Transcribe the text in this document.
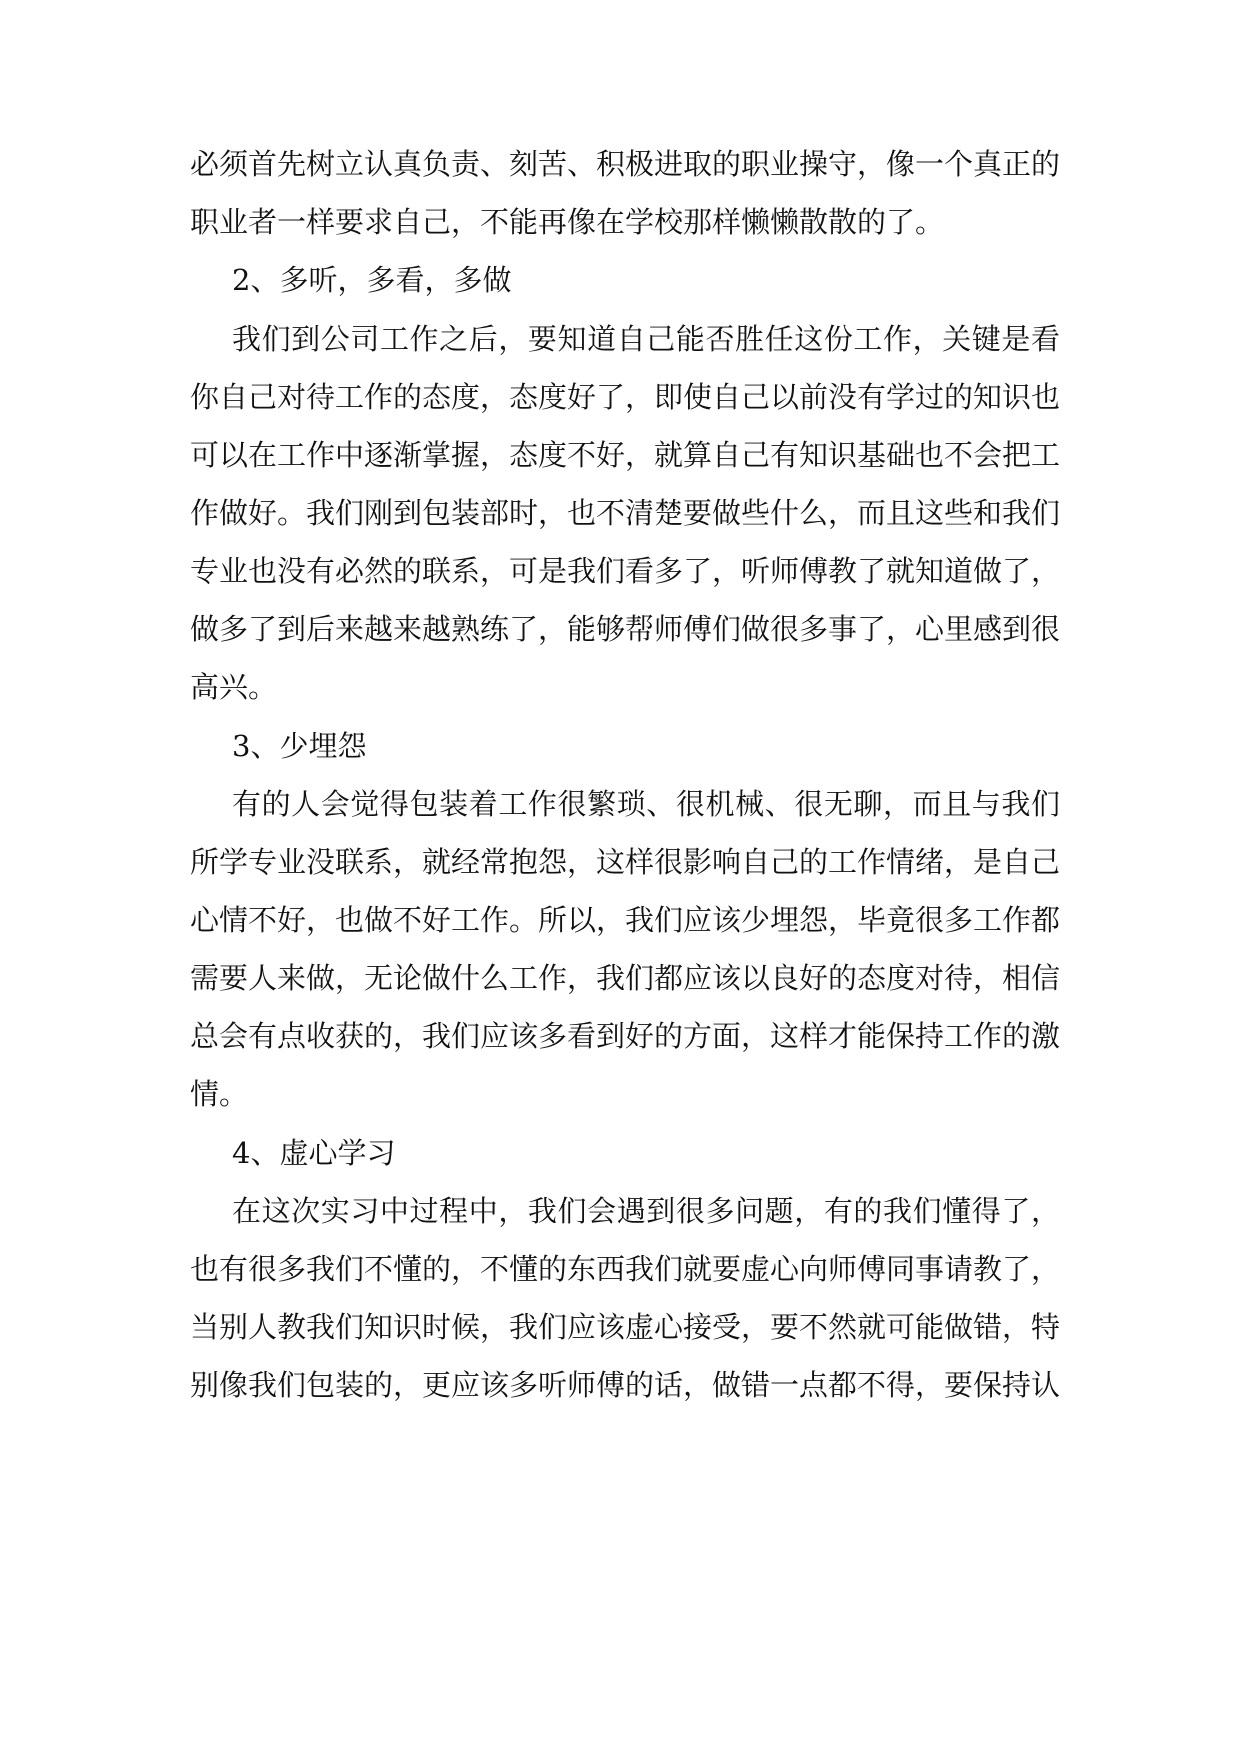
必须首先树立认真负责、刻苦、积极进取的职业操守，像一个真正的
职业者一样要求自己，不能再像在学校那样懒懒散散的了。
2、多听，多看，多做
我们到公司工作之后，要知道自己能否胜任这份工作，关键是看
你自己对待工作的态度，态度好了，即使自己以前没有学过的知识也
可以在工作中逐渐掌握，态度不好，就算自己有知识基础也不会把工
作做好。我们刚到包装部时，也不清楚要做些什么，而且这些和我们
专业也没有必然的联系，可是我们看多了，听师傅教了就知道做了，
做多了到后来越来越熟练了，能够帮师傅们做很多事了，心里感到很
高兴。
3、少埋怨
有的人会觉得包装着工作很繁琐、很机械、很无聊，而且与我们
所学专业没联系，就经常抱怨，这样很影响自己的工作情绪，是自己
心情不好，也做不好工作。所以，我们应该少埋怨，毕竟很多工作都
需要人来做，无论做什么工作，我们都应该以良好的态度对待，相信
总会有点收获的，我们应该多看到好的方面，这样才能保持工作的激
情。
4、虚心学习
在这次实习中过程中，我们会遇到很多问题，有的我们懂得了，
也有很多我们不懂的，不懂的东西我们就要虚心向师傅同事请教了，
当别人教我们知识时候，我们应该虚心接受，要不然就可能做错，特
别像我们包装的，更应该多听师傅的话，做错一点都不得，要保持认
